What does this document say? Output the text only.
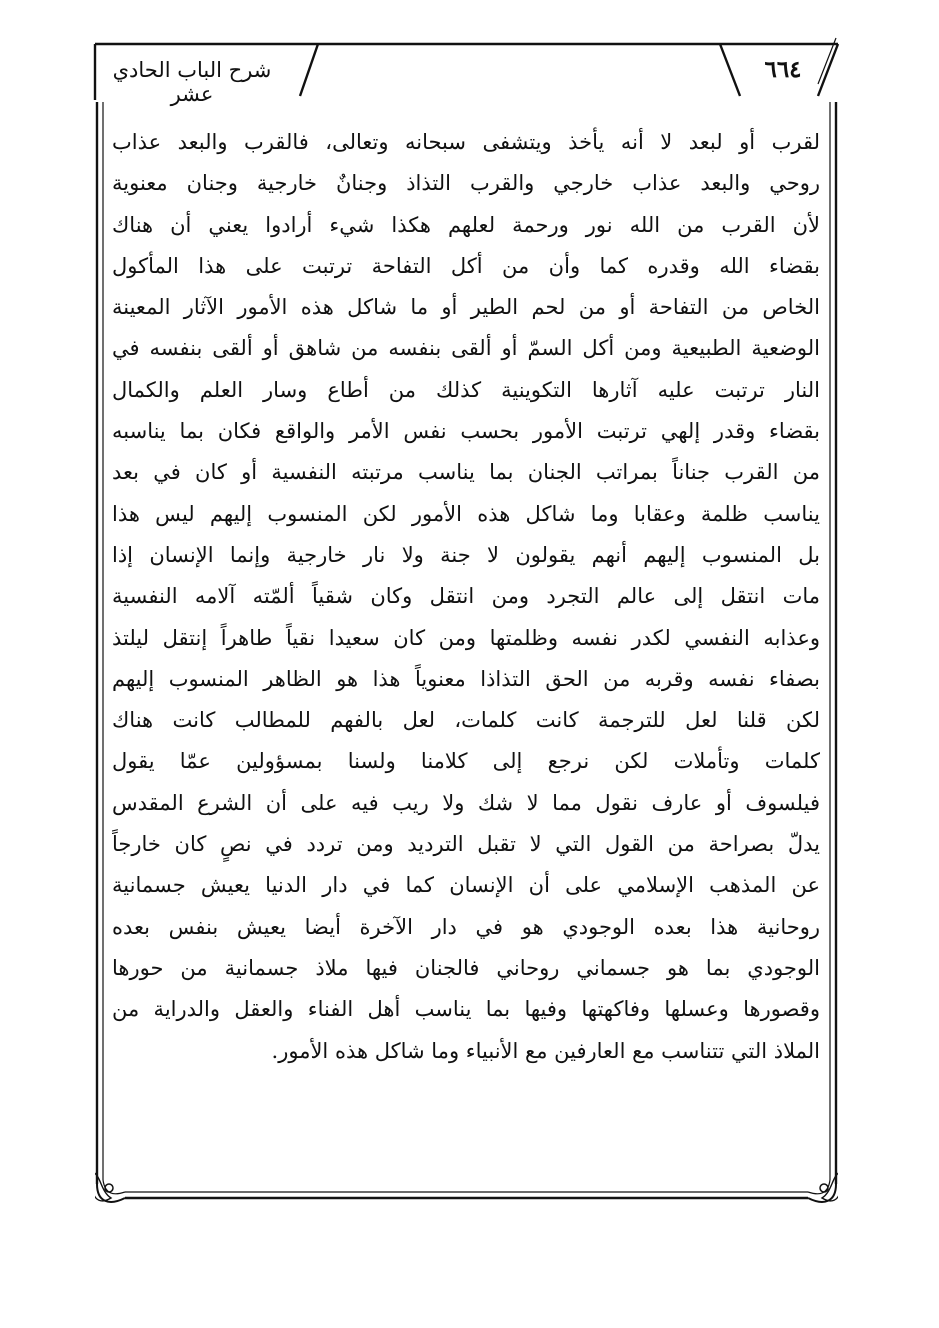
شرح الباب الحادي عشر
٦٦٤
لقرب أو لبعد لا أنه يأخذ ويتشفى سبحانه وتعالى، فالقرب والبعد عذاب
روحي والبعد عذاب خارجي والقرب التذاذ وجنانٌ خارجية وجنان معنوية
لأن القرب من الله نور ورحمة لعلهم هكذا شيء أرادوا يعني أن هناك
بقضاء الله وقدره كما وأن من أكل التفاحة ترتبت على هذا المأكول
الخاص من التفاحة أو من لحم الطير أو ما شاكل هذه الأمور الآثار المعينة
الوضعية الطبيعية ومن أكل السمّ أو ألقى بنفسه من شاهق أو ألقى بنفسه في
النار ترتبت عليه آثارها التكوينية كذلك من أطاع وسار العلم والكمال
بقضاء وقدر إلهي ترتبت الأمور بحسب نفس الأمر والواقع فكان بما يناسبه
من القرب جناناً بمراتب الجنان بما يناسب مرتبته النفسية أو كان في بعد
يناسب ظلمة وعقابا وما شاكل هذه الأمور لكن المنسوب إليهم ليس هذا
بل المنسوب إليهم أنهم يقولون لا جنة ولا نار خارجية وإنما الإنسان إذا
مات انتقل إلى عالم التجرد ومن انتقل وكان شقياً ألمّته آلامه النفسية
وعذابه النفسي لكدر نفسه وظلمتها ومن كان سعيدا نقياً طاهراً إنتقل ليلتذ
بصفاء نفسه وقربه من الحق التذاذا معنوياً هذا هو الظاهر المنسوب إليهم
لكن قلنا لعل للترجمة كانت كلمات، لعل بالفهم للمطالب كانت هناك
كلمات وتأملات لكن نرجع إلى كلامنا ولسنا بمسؤولين عمّا يقول
فيلسوف أو عارف نقول مما لا شك ولا ريب فيه على أن الشرع المقدس
يدلّ بصراحة من القول التي لا تقبل الترديد ومن تردد في نصٍ كان خارجاً
عن المذهب الإسلامي على أن الإنسان كما في دار الدنيا يعيش جسمانية
روحانية هذا بعده الوجودي هو في دار الآخرة أيضا يعيش بنفس بعده
الوجودي بما هو جسماني روحاني فالجنان فيها ملاذ جسمانية من حورها
وقصورها وعسلها وفاكهتها وفيها بما يناسب أهل الفناء والعقل والدراية من
الملاذ التي تتناسب مع العارفين مع الأنبياء وما شاكل هذه الأمور.
